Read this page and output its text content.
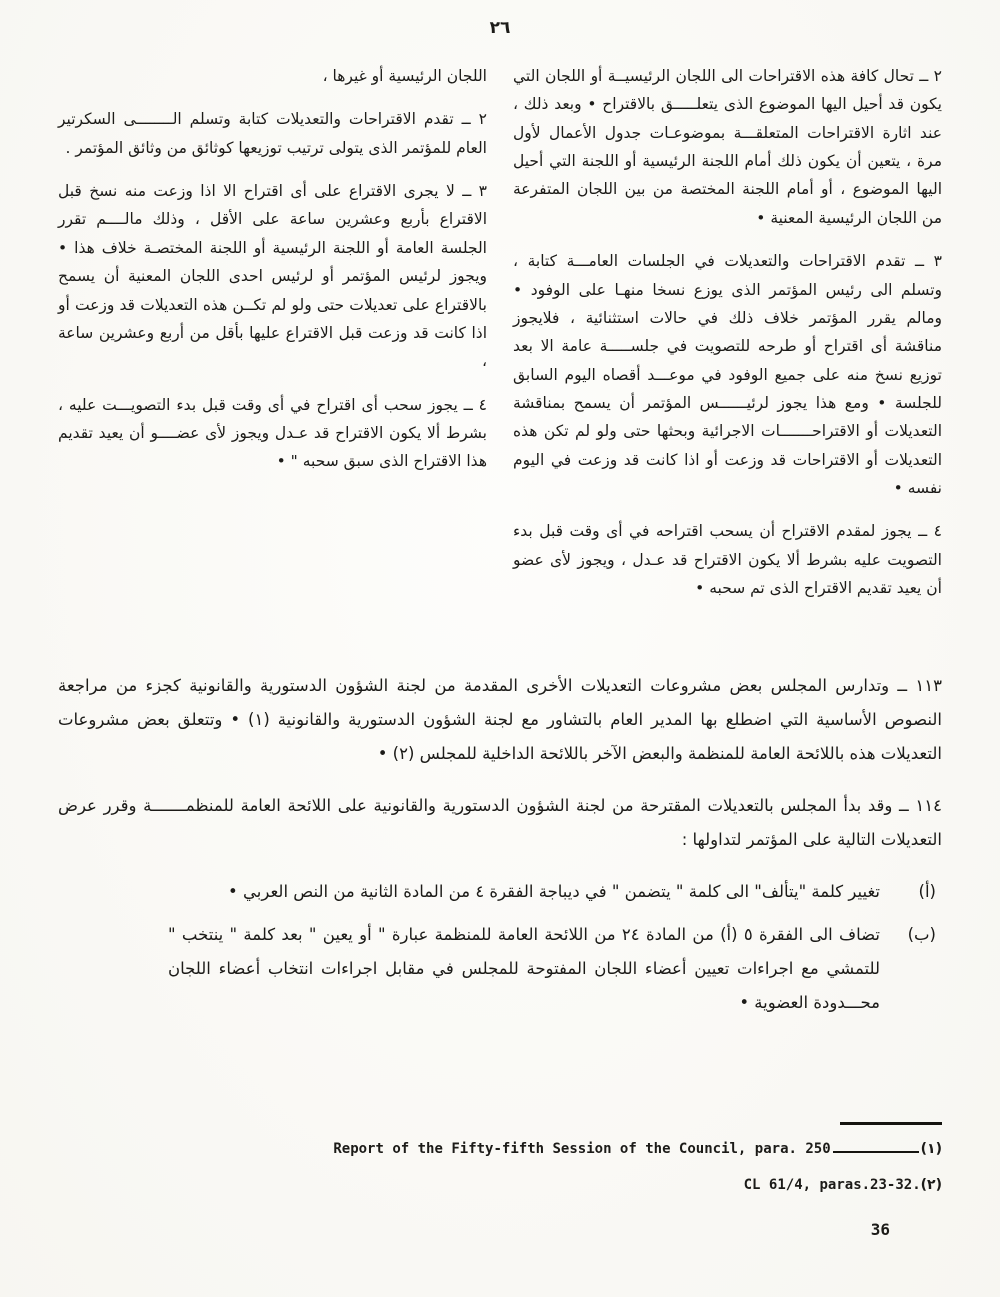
٢٦

٢ ــ تحال كافة هذه الاقتراحات الى اللجان الرئيسيــة أو اللجان التي يكون قد أحيل اليها الموضوع الذى يتعلـــــق بالاقتراح • وبعد ذلك ، عند اثارة الاقتراحات المتعلقـــة بموضوعـات جدول الأعمال لأول مرة ، يتعين أن يكون ذلك أمام اللجنة الرئيسية أو اللجنة التي أحيل اليها الموضوع ، أو أمام اللجنة المختصة من بين اللجان المتفرعة من اللجان الرئيسية المعنية •

٣ ــ تقدم الاقتراحات والتعديلات في الجلسات العامـــة كتابة ، وتسلم الى رئيس المؤتمر الذى يوزع نسخا منهـا على الوفود • ومالم يقرر المؤتمر خلاف ذلك في حالات استثنائية ، فلايجوز مناقشة أى اقتراح أو طرحه للتصويت في جلســـــة عامة الا بعد توزيع نسخ منه على جميع الوفود في موعـــد أقصاه اليوم السابق للجلسة • ومع هذا يجوز لرئيــــــس المؤتمر أن يسمح بمناقشة التعديلات أو الاقتراحـــــــات الاجرائية وبحثها حتى ولو لم تكن هذه التعديلات أو الاقتراحات قد وزعت أو اذا كانت قد وزعت في اليوم نفسه •

٤ ــ يجوز لمقدم الاقتراح أن يسحب اقتراحه في أى وقت قبل بدء التصويت عليه بشرط ألا يكون الاقتراح قد عـدل ، ويجوز لأى عضو أن يعيد تقديم الاقتراح الذى تم سحبه •

اللجان الرئيسية أو غيرها ،

٢ ــ تقدم الاقتراحات والتعديلات كتابة وتسلم الــــــــى السكرتير العام للمؤتمر الذى يتولى ترتيب توزيعها كوثائق من وثائق المؤتمر .

٣ ــ لا يجرى الاقتراع على أى اقتراح الا اذا وزعت منه نسخ قبل الاقتراع بأربع وعشرين ساعة على الأقل ، وذلك مالــــم تقرر الجلسة العامة أو اللجنة الرئيسية أو اللجنة المختصـة خلاف هذا • ويجوز لرئيس المؤتمر أو لرئيس احدى اللجان المعنية أن يسمح بالاقتراع على تعديلات حتى ولو لم تكــن هذه التعديلات قد وزعت أو اذا كانت قد وزعت قبل الاقتراع عليها بأقل من أربع وعشرين ساعة ،

٤ ــ يجوز سحب أى اقتراح في أى وقت قبل بدء التصويـــت عليه ، بشرط ألا يكون الاقتراح قد عـدل ويجوز لأى عضــــو أن يعيد تقديم هذا الاقتراح الذى سبق سحبه " •

١١٣ ــ وتدارس المجلس بعض مشروعات التعديلات الأخرى المقدمة من لجنة الشؤون الدستورية والقانونية كجزء من مراجعة النصوص الأساسية التي اضطلع بها المدير العام بالتشاور مع لجنة الشؤون الدستورية والقانونية (١) • وتتعلق بعض مشروعات التعديلات هذه باللائحة العامة للمنظمة والبعض الآخر باللائحة الداخلية للمجلس (٢) •

١١٤ ــ وقد بدأ المجلس بالتعديلات المقترحة من لجنة الشؤون الدستورية والقانونية على اللائحة العامة للمنظمـــــــة وقرر عرض التعديلات التالية على المؤتمر لتداولها :

(أ)
تغيير كلمة "يتألف" الى كلمة " يتضمن " في ديباجة الفقرة ٤ من المادة الثانية من النص العربي •
(ب)
تضاف الى الفقرة ٥ (أ) من المادة ٢٤ من اللائحة العامة للمنظمة عبارة " أو يعين " بعد كلمة " ينتخب " للتمشي مع اجراءات تعيين أعضاء اللجان المفتوحة للمجلس في مقابل اجراءات انتخاب أعضاء اللجان محـــدودة العضوية •
Report of the Fifty-fifth Session of the Council, para. 250	(١)
CL 61/4, paras.23-32.(٢)
36
